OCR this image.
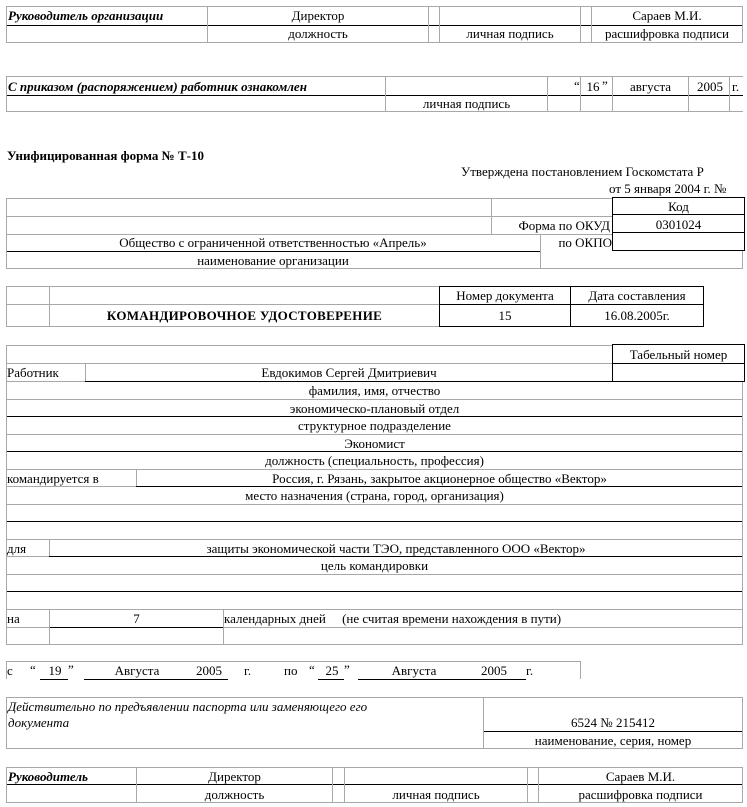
Руководитель организации	Директор	Сараев М.И.
должность	личная подпись	расшифровка подписи
С приказом (распоряжением) работник ознакомлен	“ 16 ”	августа	2005 г.
личная подпись
Унифицированная форма № Т-10
Утверждена постановлением Госкомстата Р
от 5 января 2004 г. №
Код
Форма по ОКУД	0301024
по ОКПО
Общество с ограниченной ответственностью «Апрель»
наименование организации
КОМАНДИРОВОЧНОЕ УДОСТОВЕРЕНИЕ
Номер документа	Дата составления
15	16.08.2005г.
Табельный номер
Работник	Евдокимов Сергей Дмитриевич
фамилия, имя, отчество
экономическо-плановый отдел
структурное подразделение
Экономист
должность (специальность, профессия)
командируется в	Россия, г. Рязань, закрытое акционерное общество «Вектор»
место назначения (страна, город, организация)
для	защиты экономической части ТЭО, представленного ООО «Вектор»
цель командировки
на	7	календарных дней     (не считая времени нахождения в пути)
с “ 19 ”	Августа	2005	г.	по “ 25 ”	Августа	2005	г.
Действительно по предъявлении паспорта или заменяющего его
документа	6524 № 215412
наименование, серия, номер
Руководитель	Директор	Сараев М.И.
должность	личная подпись	расшифровка подписи
